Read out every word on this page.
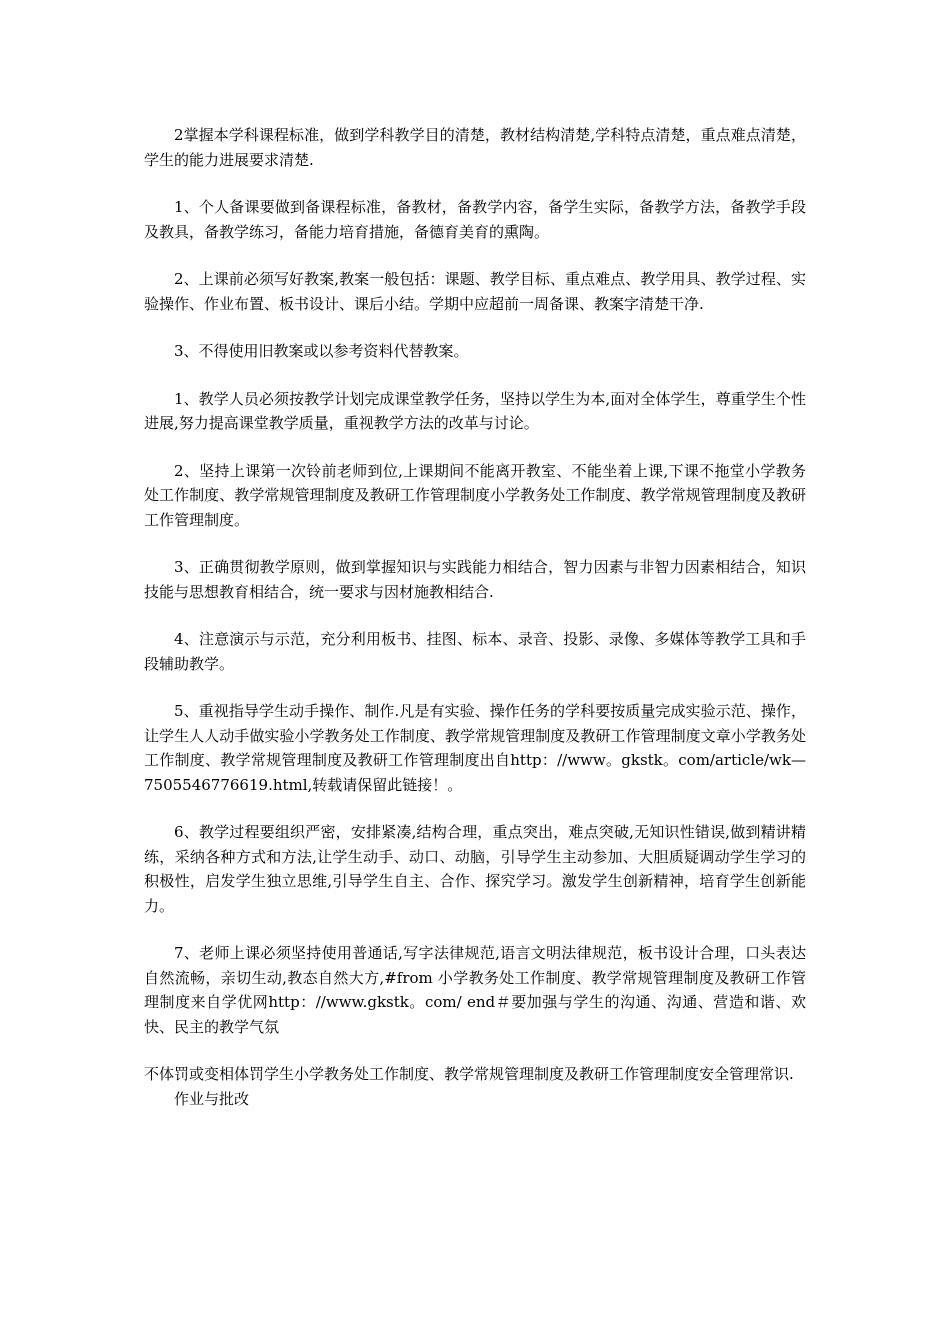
2掌握本学科课程标准，做到学科教学目的清楚，教材结构清楚,学科特点清楚，重点难点清楚，学生的能力进展要求清楚.

1、个人备课要做到备课程标准，备教材，备教学内容，备学生实际，备教学方法，备教学手段及教具，备教学练习，备能力培育措施，备德育美育的熏陶。

2、上课前必须写好教案,教案一般包括：课题、教学目标、重点难点、教学用具、教学过程、实验操作、作业布置、板书设计、课后小结。学期中应超前一周备课、教案字清楚干净.

3、不得使用旧教案或以参考资料代替教案。

1、教学人员必须按教学计划完成课堂教学任务，坚持以学生为本,面对全体学生，尊重学生个性进展,努力提高课堂教学质量，重视教学方法的改革与讨论。

2、坚持上课第一次铃前老师到位,上课期间不能离开教室、不能坐着上课,下课不拖堂小学教务处工作制度、教学常规管理制度及教研工作管理制度小学教务处工作制度、教学常规管理制度及教研工作管理制度。

3、正确贯彻教学原则，做到掌握知识与实践能力相结合，智力因素与非智力因素相结合，知识技能与思想教育相结合，统一要求与因材施教相结合.

4、注意演示与示范，充分利用板书、挂图、标本、录音、投影、录像、多媒体等教学工具和手段辅助教学。

5、重视指导学生动手操作、制作.凡是有实验、操作任务的学科要按质量完成实验示范、操作，让学生人人动手做实验小学教务处工作制度、教学常规管理制度及教研工作管理制度文章小学教务处工作制度、教学常规管理制度及教研工作管理制度出自http：//www。gkstk。com/article/wk—7505546776619.html,转载请保留此链接！。

6、教学过程要组织严密，安排紧凑,结构合理，重点突出，难点突破,无知识性错误,做到精讲精练，采纳各种方式和方法,让学生动手、动口、动脑，引导学生主动参加、大胆质疑调动学生学习的积极性，启发学生独立思维,引导学生自主、合作、探究学习。激发学生创新精神，培育学生创新能力。

7、老师上课必须坚持使用普通话,写字法律规范,语言文明法律规范，板书设计合理，口头表达自然流畅，亲切生动,教态自然大方,#from 小学教务处工作制度、教学常规管理制度及教研工作管理制度来自学优网http：//www.gkstk。com/ end＃要加强与学生的沟通、沟通、营造和谐、欢快、民主的教学气氛

不体罚或变相体罚学生小学教务处工作制度、教学常规管理制度及教研工作管理制度安全管理常识.

作业与批改
